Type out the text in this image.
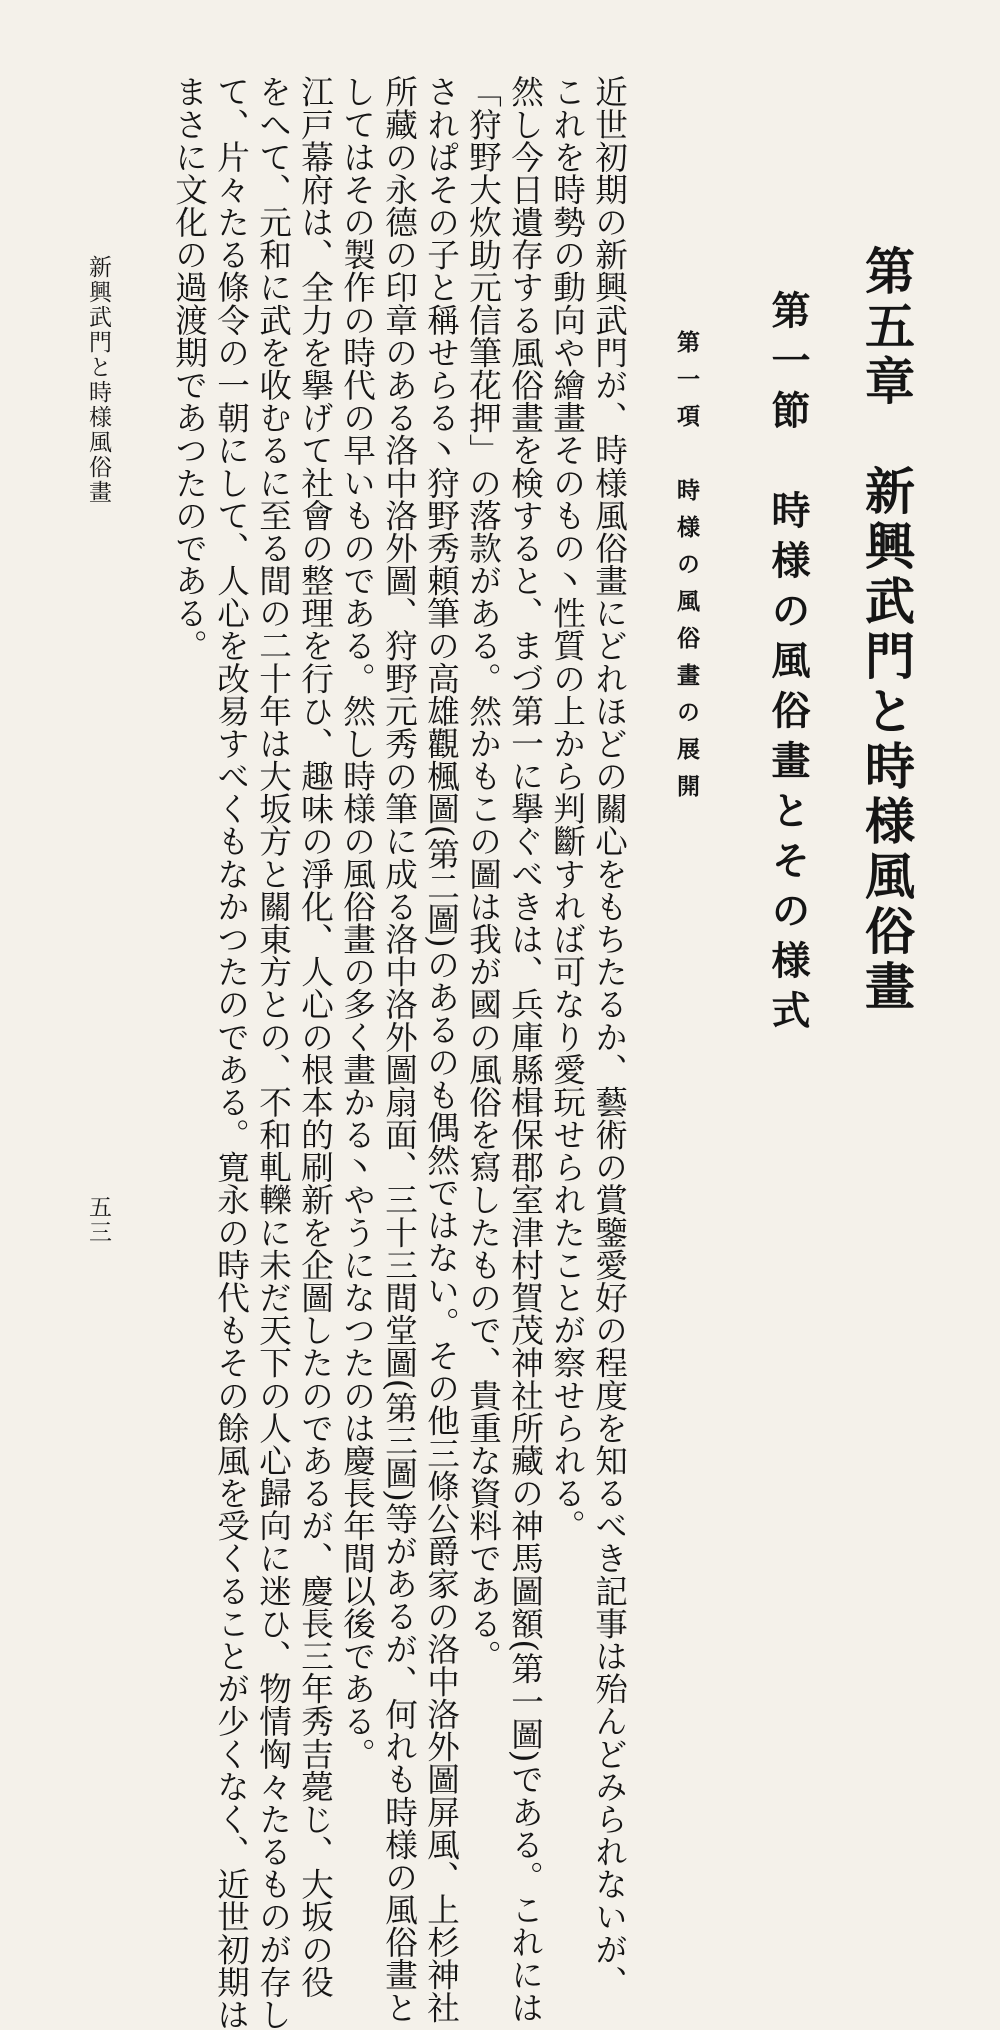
第五章　新興武門と時様風俗畫
第一節　時様の風俗畫とその様式
第一項　時様の風俗畫の展開
近世初期の新興武門が、時様風俗畫にどれほどの關心をもちたるか、藝術の賞鑒愛好の程度を知るべき記事は殆んどみられないが、
これを時勢の動向や繪畫そのもの丶性質の上から判斷すれば可なり愛玩せられたことが察せられる。
然し今日遺存する風俗畫を検すると、まづ第一に擧ぐべきは、兵庫縣楫保郡室津村賀茂神社所藏の神馬圖額(第一圖)である。これには
「狩野大炊助元信筆花押」の落款がある。然かもこの圖は我が國の風俗を寫したもので、貴重な資料である。
されぱその子と稱せらる丶狩野秀頼筆の高雄觀楓圖(第二圖)のあるのも偶然ではない。その他三條公爵家の洛中洛外圖屏風、上杉神社
所藏の永德の印章のある洛中洛外圖、狩野元秀の筆に成る洛中洛外圖扇面、三十三間堂圖(第三圖)等があるが、何れも時様の風俗畫と
してはその製作の時代の早いものである。然し時様の風俗畫の多く畫かる丶やうになつたのは慶長年間以後である。
江戸幕府は、全力を擧げて社會の整理を行ひ、趣味の淨化、人心の根本的刷新を企圖したのであるが、慶長三年秀吉薨じ、大坂の役
をへて、元和に武を收むるに至る間の二十年は大坂方と關東方との、不和軋轢に未だ天下の人心歸向に迷ひ、物情恟々たるものが存し
て、片々たる條令の一朝にして、人心を改易すべくもなかつたのである。寛永の時代もその餘風を受くることが少くなく、近世初期は
まさに文化の過渡期であつたのである。
新興武門と時様風俗畫
五三
